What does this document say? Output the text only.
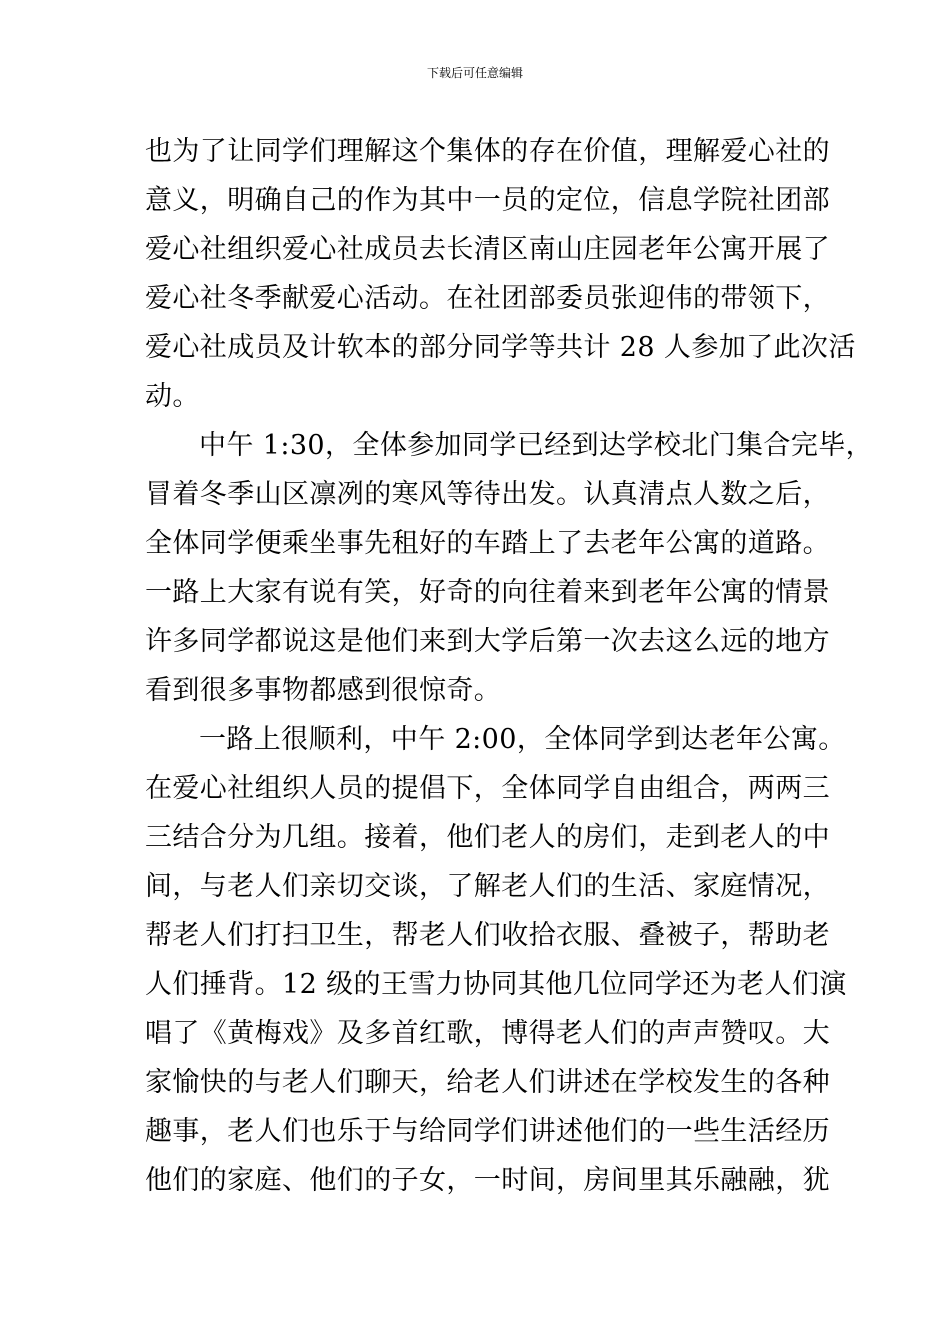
下载后可任意编辑
也为了让同学们理解这个集体的存在价值，理解爱心社的
意义，明确自己的作为其中一员的定位，信息学院社团部
爱心社组织爱心社成员去长清区南山庄园老年公寓开展了
爱心社冬季献爱心活动。在社团部委员张迎伟的带领下，
爱心社成员及计软本的部分同学等共计 28 人参加了此次活
动。
中午 1:30，全体参加同学已经到达学校北门集合完毕，
冒着冬季山区凛冽的寒风等待出发。认真清点人数之后，
全体同学便乘坐事先租好的车踏上了去老年公寓的道路。
一路上大家有说有笑，好奇的向往着来到老年公寓的情景
许多同学都说这是他们来到大学后第一次去这么远的地方
看到很多事物都感到很惊奇。
一路上很顺利，中午 2:00，全体同学到达老年公寓。
在爱心社组织人员的提倡下，全体同学自由组合，两两三
三结合分为几组。接着，他们老人的房们，走到老人的中
间，与老人们亲切交谈，了解老人们的生活、家庭情况，
帮老人们打扫卫生，帮老人们收拾衣服、叠被子，帮助老
人们捶背。12 级的王雪力协同其他几位同学还为老人们演
唱了《黄梅戏》及多首红歌，博得老人们的声声赞叹。大
家愉快的与老人们聊天，给老人们讲述在学校发生的各种
趣事，老人们也乐于与给同学们讲述他们的一些生活经历
他们的家庭、他们的子女，一时间，房间里其乐融融，犹
